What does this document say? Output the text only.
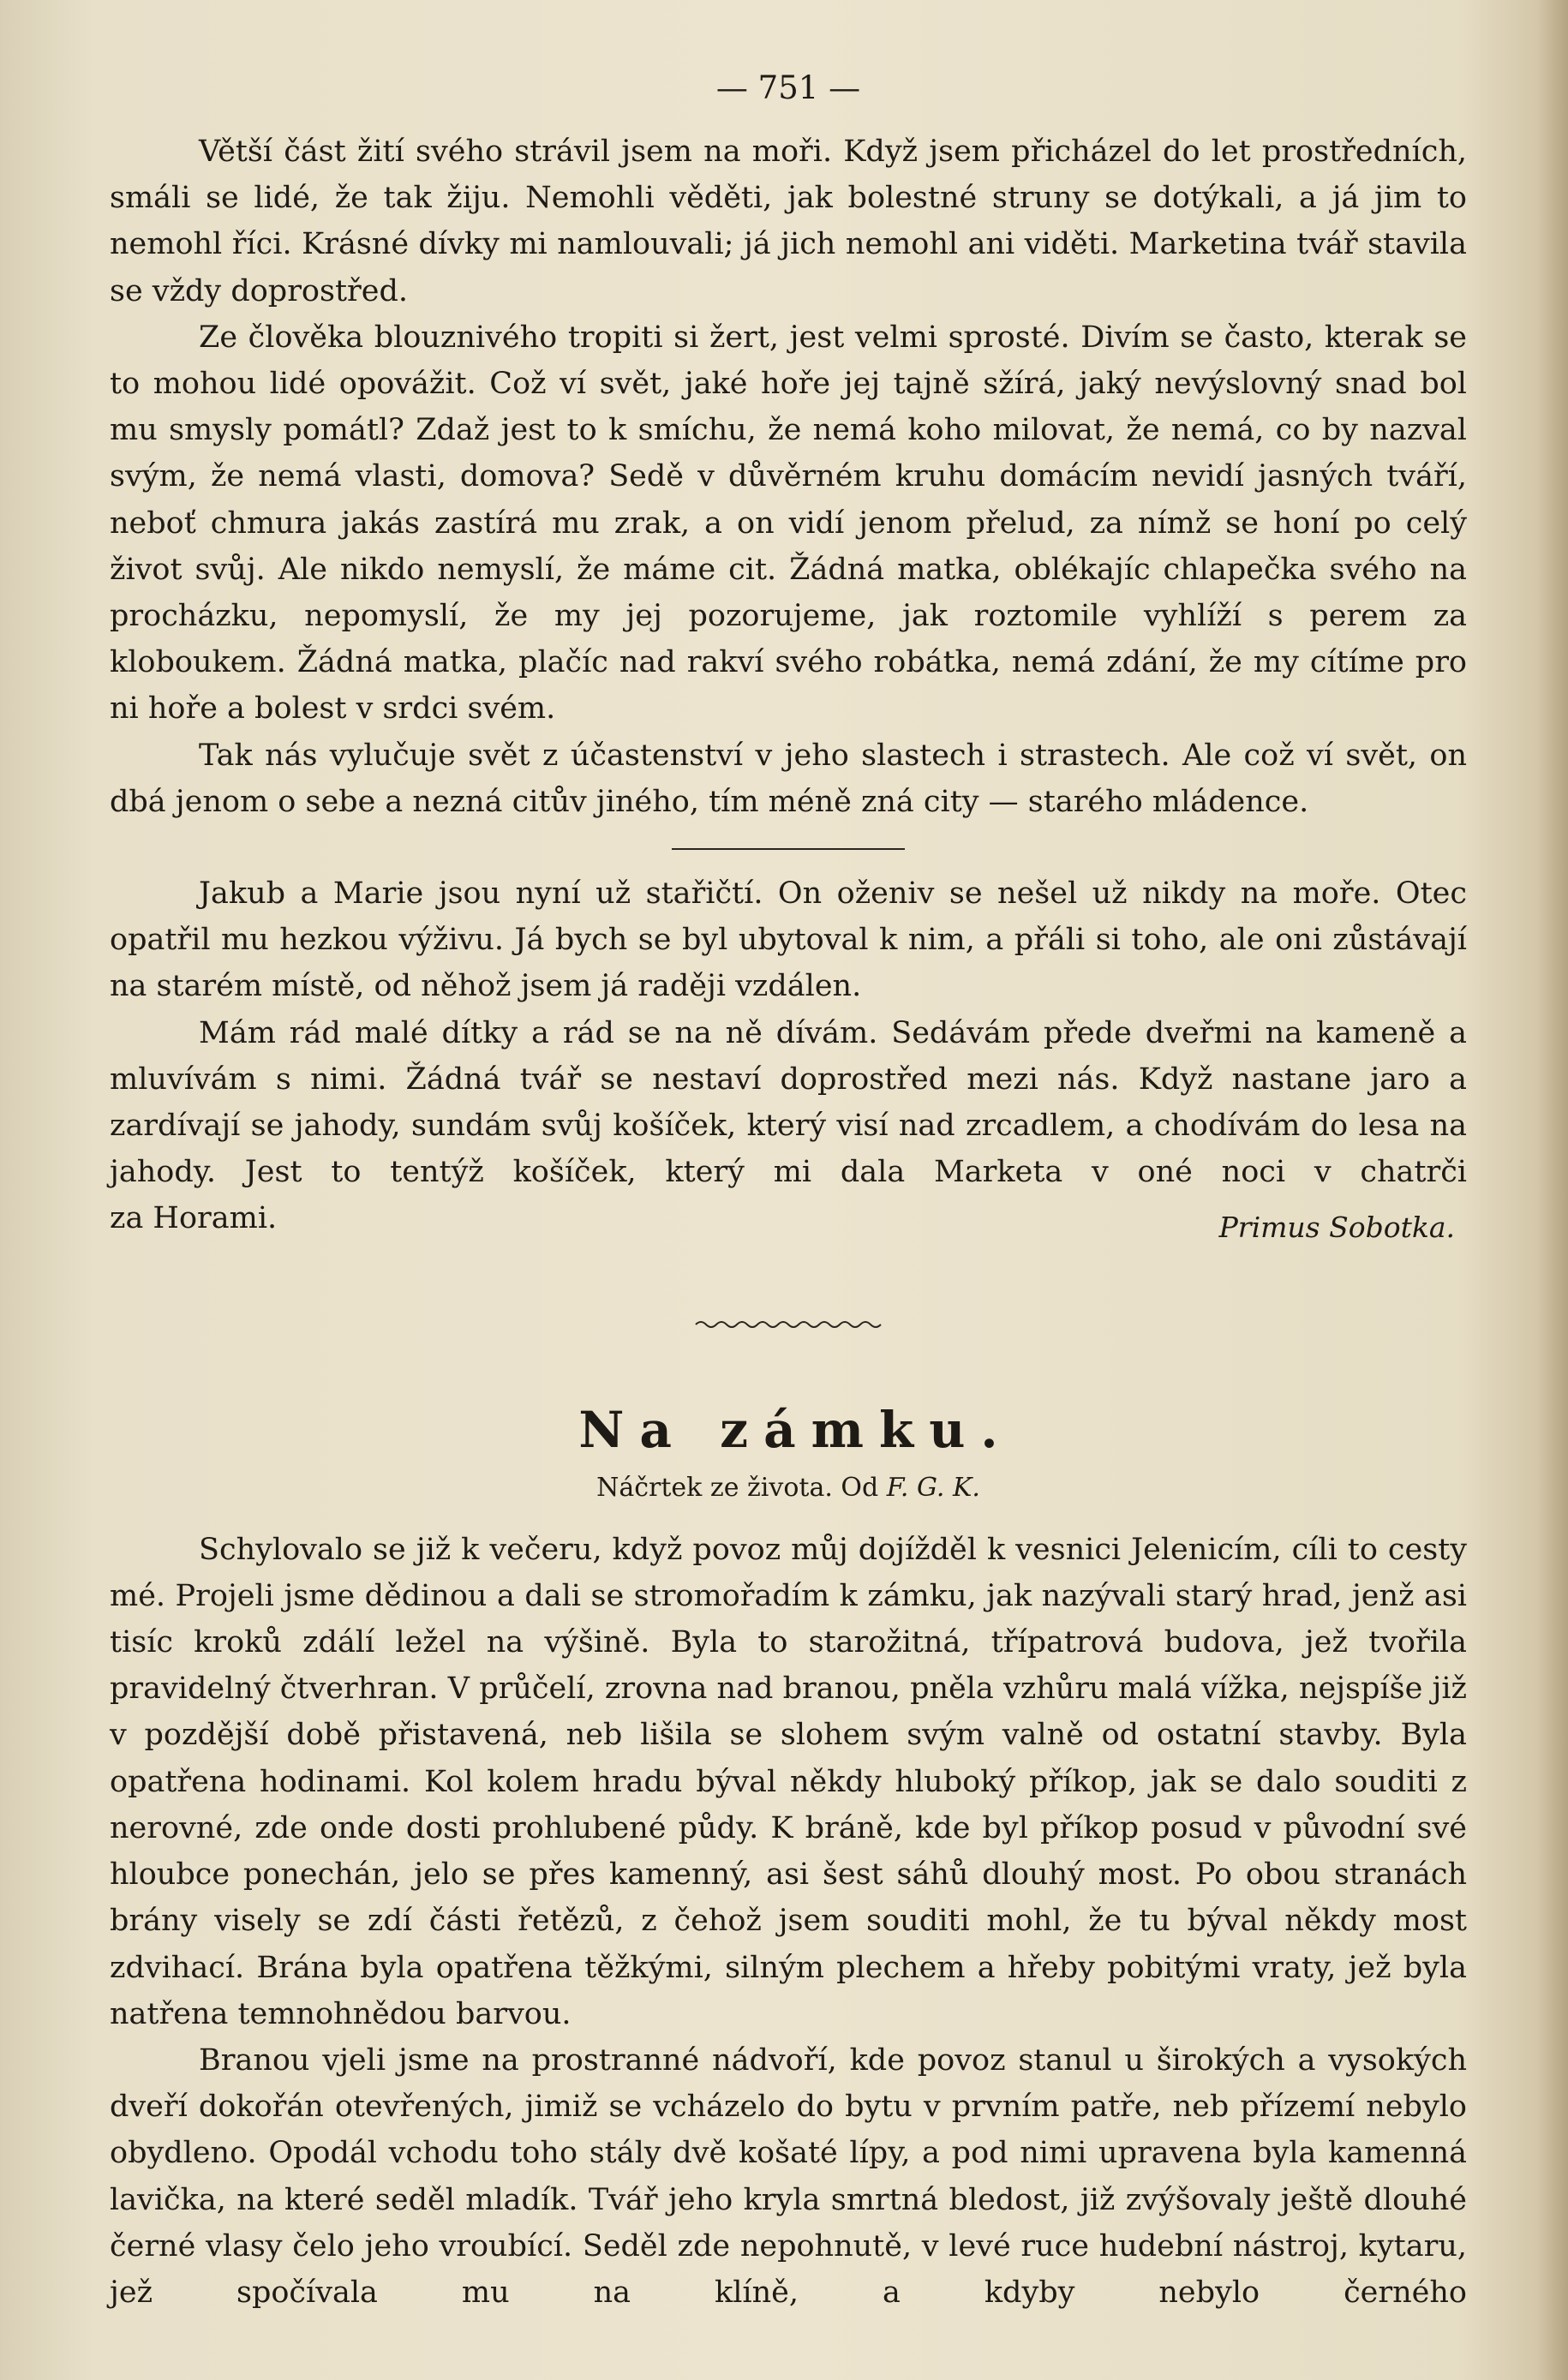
— 751 —

Větší část žití svého strávil jsem na moři. Když jsem přicházel do let prostředních, smáli se lidé, že tak žiju. Nemohli věděti, jak bolestné struny se dotýkali, a já jim to nemohl říci. Krásné dívky mi namlouvali; já jich nemohl ani viděti. Marketina tvář stavila se vždy doprostřed.

Ze člověka blouznivého tropiti si žert, jest velmi sprosté. Divím se často, kterak se to mohou lidé opovážit. Což ví svět, jaké hoře jej tajně sžírá, jaký nevýslovný snad bol mu smysly pomátl? Zdaž jest to k smíchu, že nemá koho milovat, že nemá, co by nazval svým, že nemá vlasti, domova? Sedě v důvěrném kruhu domácím nevidí jasných tváří, neboť chmura jakás zastírá mu zrak, a on vidí jenom přelud, za nímž se honí po celý život svůj. Ale nikdo nemyslí, že máme cit. Žádná matka, oblékajíc chlapečka svého na procházku, nepomyslí, že my jej pozorujeme, jak roztomile vyhlíží s perem za kloboukem. Žádná matka, plačíc nad rakví svého robátka, nemá zdání, že my cítíme pro ni hoře a bolest v srdci svém.

Tak nás vylučuje svět z účastenství v jeho slastech i strastech. Ale což ví svět, on dbá jenom o sebe a nezná citův jiného, tím méně zná city — starého mládence.

Jakub a Marie jsou nyní už stařičtí. On oženiv se nešel už nikdy na moře. Otec opatřil mu hezkou výživu. Já bych se byl ubytoval k nim, a přáli si toho, ale oni zůstávají na starém místě, od něhož jsem já raději vzdálen.

Mám rád malé dítky a rád se na ně dívám. Sedávám přede dveřmi na kameně a mluvívám s nimi. Žádná tvář se nestaví doprostřed mezi nás. Když nastane jaro a zardívají se jahody, sundám svůj košíček, který visí nad zrcadlem, a chodívám do lesa na jahody. Jest to tentýž košíček, který mi dala Marketa v oné noci v chatrči

za Horami.	Primus Sobotka.
Na zámku.
Náčrtek ze života. Od F. G. K.

Schylovalo se již k večeru, když povoz můj dojížděl k vesnici Jelenicím, cíli to cesty mé. Projeli jsme dědinou a dali se stromořadím k zámku, jak nazývali starý hrad, jenž asi tisíc kroků zdálí ležel na výšině. Byla to starožitná, třípatrová budova, jež tvořila pravidelný čtverhran. V průčelí, zrovna nad branou, pněla vzhůru malá vížka, nejspíše již v pozdější době přistavená, neb lišila se slohem svým valně od ostatní stavby. Byla opatřena hodinami. Kol kolem hradu býval někdy hluboký příkop, jak se dalo souditi z nerovné, zde onde dosti prohlubené půdy. K bráně, kde byl příkop posud v původní své hloubce ponechán, jelo se přes kamenný, asi šest sáhů dlouhý most. Po obou stranách brány visely se zdí části řetězů, z čehož jsem souditi mohl, že tu býval někdy most zdvihací. Brána byla opatřena těžkými, silným plechem a hřeby pobitými vraty, jež byla natřena temnohnědou barvou.

Branou vjeli jsme na prostranné nádvoří, kde povoz stanul u širokých a vysokých dveří dokořán otevřených, jimiž se vcházelo do bytu v prvním patře, neb přízemí nebylo obydleno. Opodál vchodu toho stály dvě košaté lípy, a pod nimi upravena byla kamenná lavička, na které seděl mladík. Tvář jeho kryla smrtná bledost, již zvýšovaly ještě dlouhé černé vlasy čelo jeho vroubící. Seděl zde nepohnutě, v levé ruce hudební nástroj, kytaru, jež spočívala mu na klíně, a kdyby nebylo černého
